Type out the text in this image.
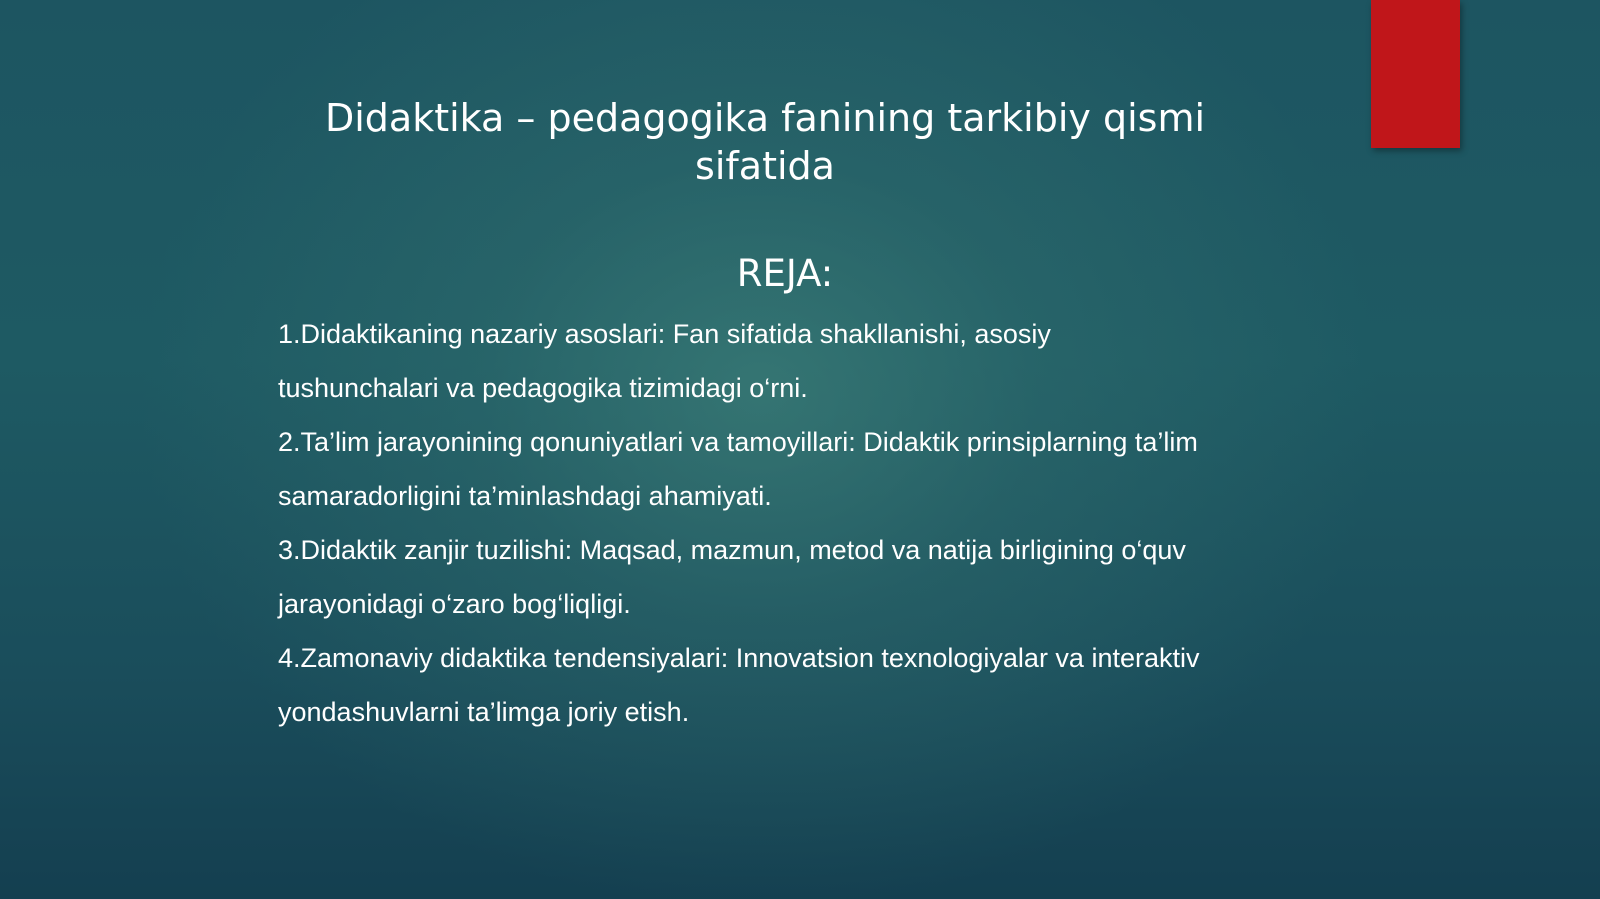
Didaktika – pedagogika fanining tarkibiy qismi sifatida
REJA:
1.Didaktikaning nazariy asoslari: Fan sifatida shakllanishi, asosiy tushunchalari va pedagogika tizimidagi o‘rni.
2.Ta’lim jarayonining qonuniyatlari va tamoyillari: Didaktik prinsiplarning ta’lim samaradorligini ta’minlashdagi ahamiyati.
3.Didaktik zanjir tuzilishi: Maqsad, mazmun, metod va natija birligining o‘quv jarayonidagi o‘zaro bog‘liqligi.
4.Zamonaviy didaktika tendensiyalari: Innovatsion texnologiyalar va interaktiv yondashuvlarni ta’limga joriy etish.
